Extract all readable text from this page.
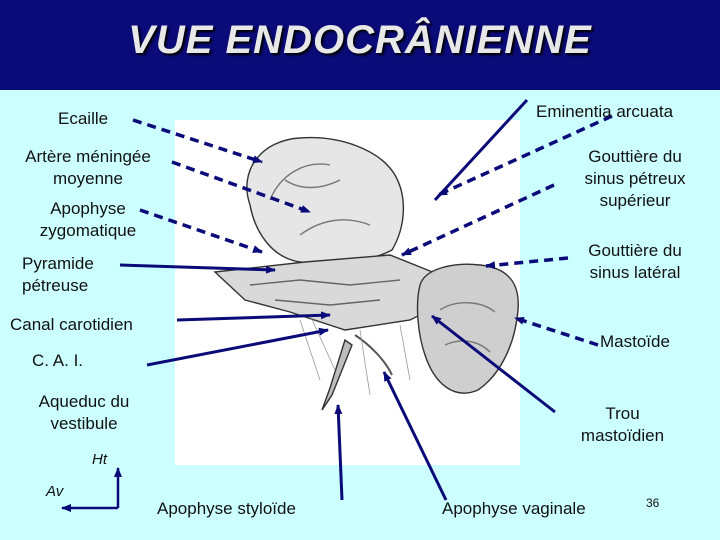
VUE ENDOCRÂNIENNE
Ecaille
Artère méningée
moyenne
Apophyse
zygomatique
Pyramide
pétreuse
Canal carotidien
C. A. I.
Aqueduc du
vestibule
Eminentia arcuata
Gouttière du
sinus pétreux
supérieur
Gouttière du
sinus latéral
Mastoïde
Trou
mastoïdien
Apophyse styloïde	Apophyse vaginale
Ht
Av
36
